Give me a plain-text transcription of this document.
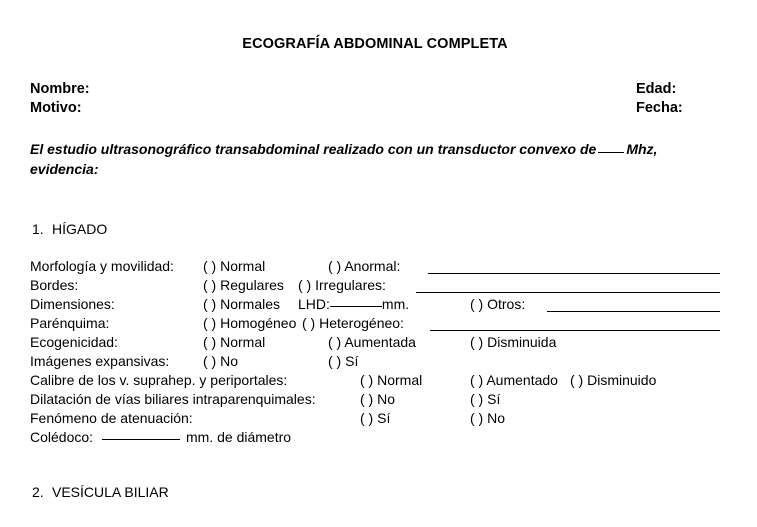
ECOGRAFÍA ABDOMINAL COMPLETA
Nombre:	Edad:
Motivo:	Fecha:
El estudio ultrasonográfico transabdominal realizado con un transductor convexo de Mhz, evidencia:
1. HÍGADO
Morfología y movilidad: ( ) Normal	( ) Anormal:
Bordes:	( ) Regulares ( ) Irregulares:
Dimensiones:	( ) Normales LHD:	mm.	( ) Otros:
Parénquima:	( ) Homogéneo ( ) Heterogéneo:
Ecogenicidad:	( ) Normal	( ) Aumentada	( ) Disminuida
Imágenes expansivas: ( ) No	( ) Sí
Calibre de los v. suprahep. y periportales:	( ) Normal	( ) Aumentado ( ) Disminuido
Dilatación de vías biliares intraparenquimales:	( ) No	( ) Sí
Fenómeno de atenuación:	( ) Sí	( ) No
Colédoco:	mm. de diámetro
2. VESÍCULA BILIAR
